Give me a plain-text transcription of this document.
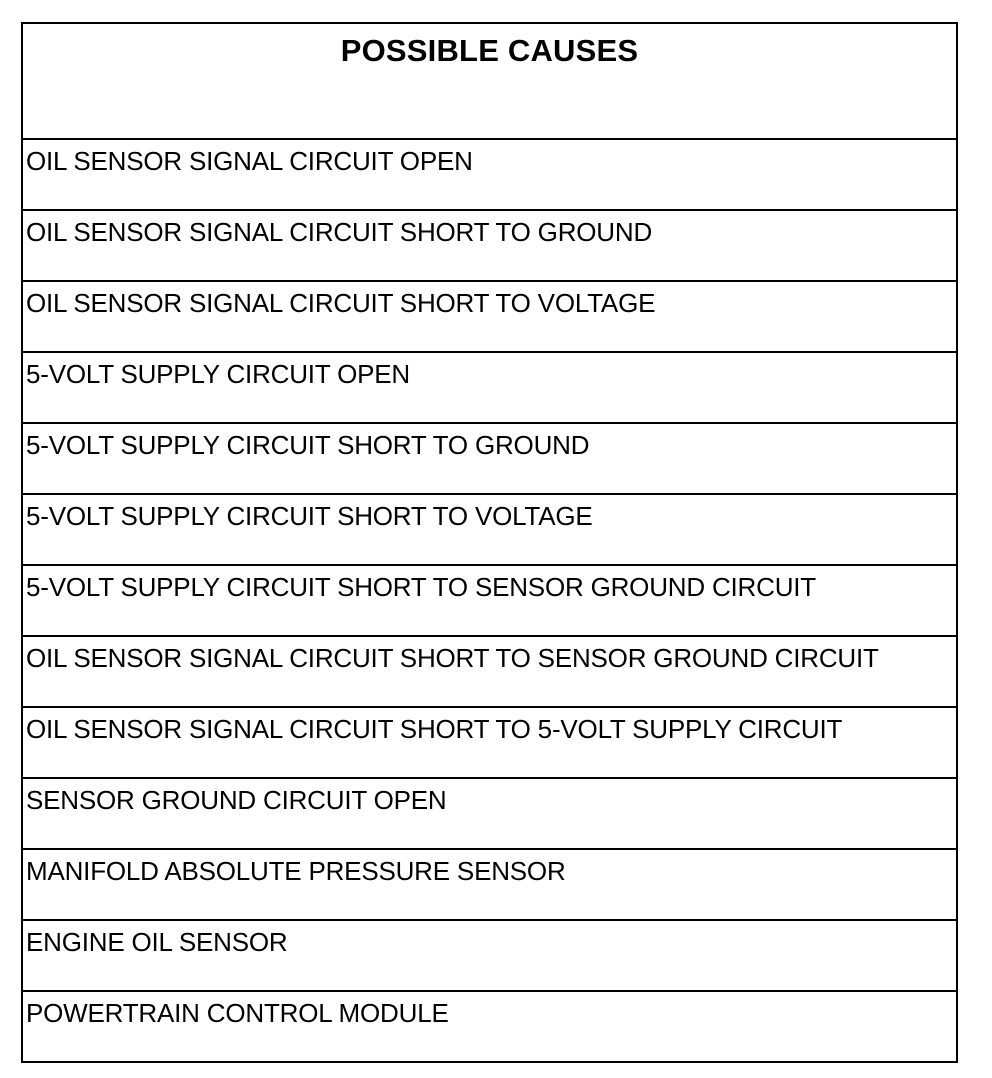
POSSIBLE CAUSES
OIL SENSOR SIGNAL CIRCUIT OPEN
OIL SENSOR SIGNAL CIRCUIT SHORT TO GROUND
OIL SENSOR SIGNAL CIRCUIT SHORT TO VOLTAGE
5-VOLT SUPPLY CIRCUIT OPEN
5-VOLT SUPPLY CIRCUIT SHORT TO GROUND
5-VOLT SUPPLY CIRCUIT SHORT TO VOLTAGE
5-VOLT SUPPLY CIRCUIT SHORT TO SENSOR GROUND CIRCUIT
OIL SENSOR SIGNAL CIRCUIT SHORT TO SENSOR GROUND CIRCUIT
OIL SENSOR SIGNAL CIRCUIT SHORT TO 5-VOLT SUPPLY CIRCUIT
SENSOR GROUND CIRCUIT OPEN
MANIFOLD ABSOLUTE PRESSURE SENSOR
ENGINE OIL SENSOR
POWERTRAIN CONTROL MODULE
